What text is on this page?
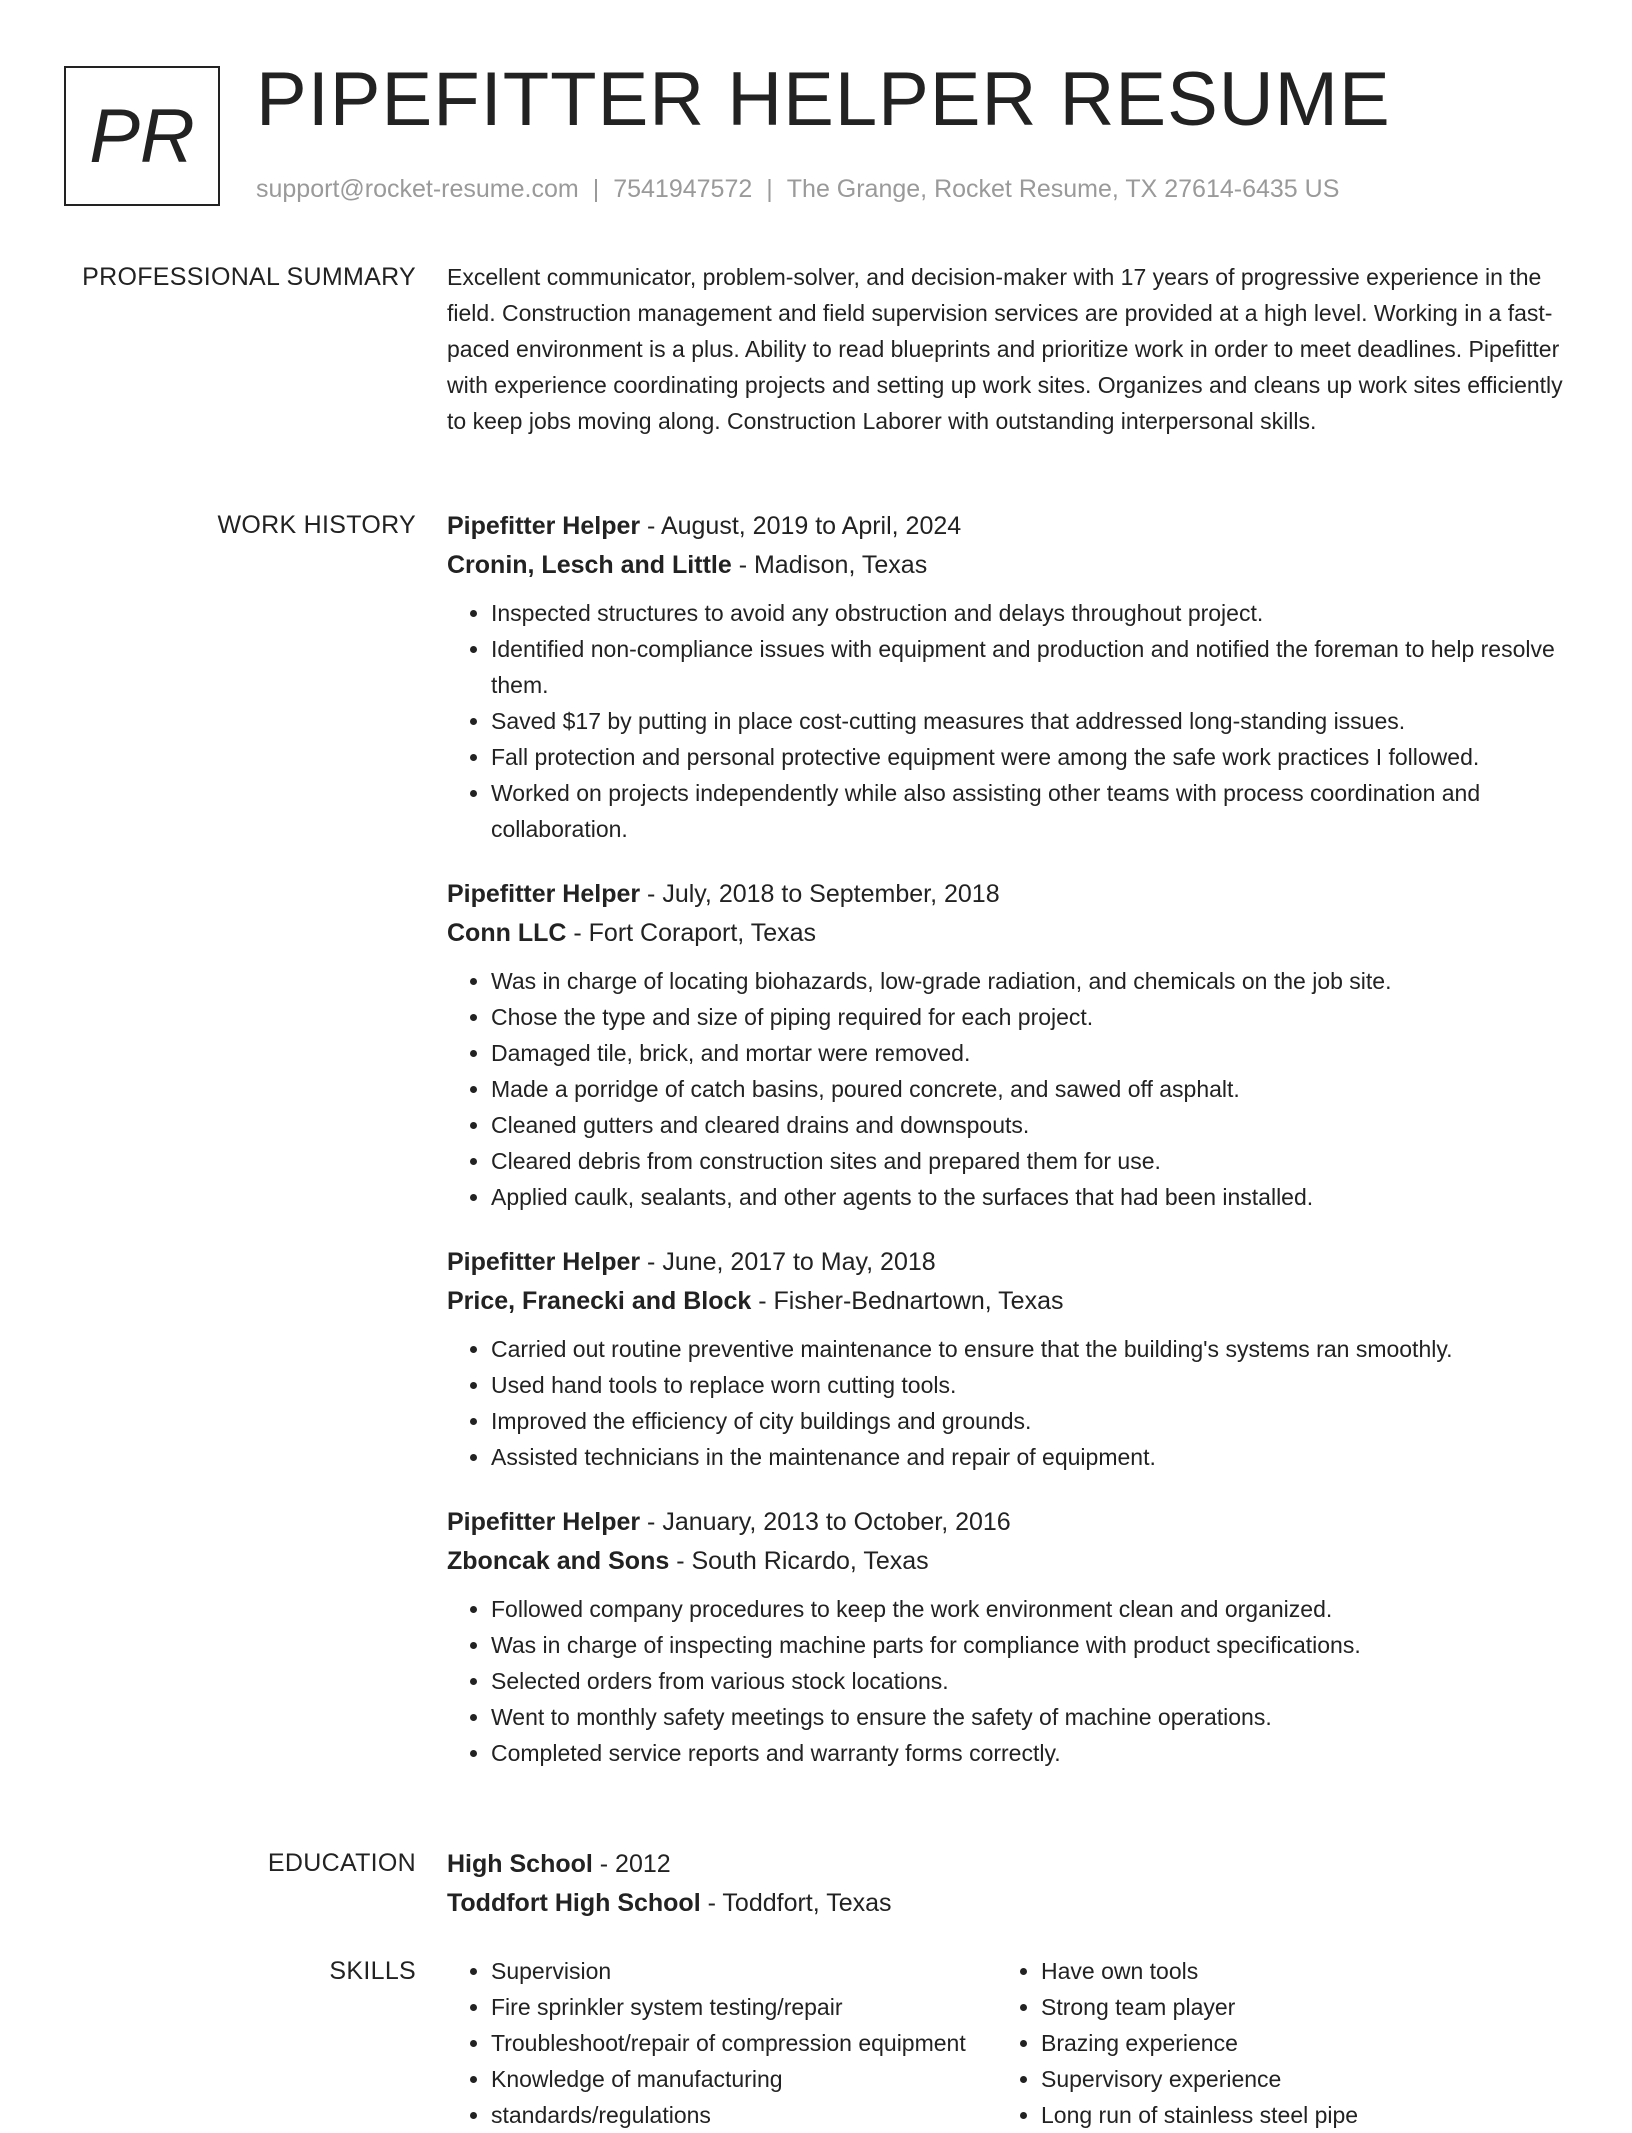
PR PIPEFITTER HELPER RESUME
support@rocket-resume.com | 7541947572 | The Grange, Rocket Resume, TX 27614-6435 US
PROFESSIONAL SUMMARY Excellent communicator, problem-solver, and decision-maker with 17 years of progressive experience in the field. Construction management and field supervision services are provided at a high level. Working in a fast-paced environment is a plus. Ability to read blueprints and prioritize work in order to meet deadlines. Pipefitter with experience coordinating projects and setting up work sites. Organizes and cleans up work sites efficiently to keep jobs moving along. Construction Laborer with outstanding interpersonal skills.

WORK HISTORY Pipefitter Helper - August, 2019 to April, 2024
Cronin, Lesch and Little - Madison, Texas
• Inspected structures to avoid any obstruction and delays throughout project.
• Identified non-compliance issues with equipment and production and notified the foreman to help resolve them.
• Saved $17 by putting in place cost-cutting measures that addressed long-standing issues.
• Fall protection and personal protective equipment were among the safe work practices I followed.
• Worked on projects independently while also assisting other teams with process coordination and collaboration.
Pipefitter Helper - July, 2018 to September, 2018
Conn LLC - Fort Coraport, Texas
• Was in charge of locating biohazards, low-grade radiation, and chemicals on the job site.
• Chose the type and size of piping required for each project.
• Damaged tile, brick, and mortar were removed.
• Made a porridge of catch basins, poured concrete, and sawed off asphalt.
• Cleaned gutters and cleared drains and downspouts.
• Cleared debris from construction sites and prepared them for use.
• Applied caulk, sealants, and other agents to the surfaces that had been installed.
Pipefitter Helper - June, 2017 to May, 2018
Price, Franecki and Block - Fisher-Bednartown, Texas
• Carried out routine preventive maintenance to ensure that the building's systems ran smoothly.
• Used hand tools to replace worn cutting tools.
• Improved the efficiency of city buildings and grounds.
• Assisted technicians in the maintenance and repair of equipment.
Pipefitter Helper - January, 2013 to October, 2016
Zboncak and Sons - South Ricardo, Texas
• Followed company procedures to keep the work environment clean and organized.
• Was in charge of inspecting machine parts for compliance with product specifications.
• Selected orders from various stock locations.
• Went to monthly safety meetings to ensure the safety of machine operations.
• Completed service reports and warranty forms correctly.
EDUCATION High School - 2012
Toddfort High School - Toddfort, Texas
SKILLS
•	Supervision
• Fire sprinkler system testing/repair
• Troubleshoot/repair of compression equipment
• Knowledge of manufacturing
• standards/regulations
• Have own tools
• Strong team player
• Brazing experience
• Supervisory experience
• Long run of stainless steel pipe
